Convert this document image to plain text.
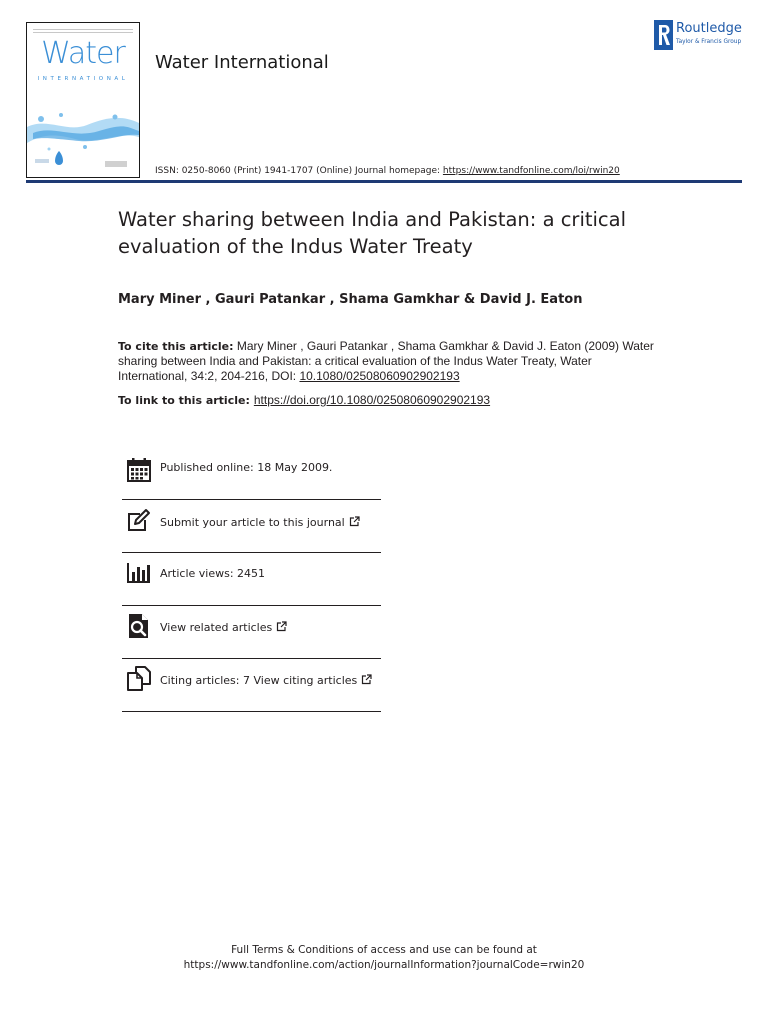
Water
INTERNATIONAL
Water International
Routledge
Taylor & Francis Group
ISSN: 0250-8060 (Print) 1941-1707 (Online) Journal homepage: https://www.tandfonline.com/loi/rwin20
Water sharing between India and Pakistan: a critical evaluation of the Indus Water Treaty
Mary Miner , Gauri Patankar , Shama Gamkhar & David J. Eaton
To cite this article: Mary Miner , Gauri Patankar , Shama Gamkhar & David J. Eaton (2009) Water sharing between India and Pakistan: a critical evaluation of the Indus Water Treaty, Water International, 34:2, 204-216, DOI: 10.1080/02508060902902193
To link to this article: https://doi.org/10.1080/02508060902902193
Published online: 18 May 2009.
Submit your article to this journal
Article views: 2451
View related articles
Citing articles: 7 View citing articles
Full Terms & Conditions of access and use can be found at
https://www.tandfonline.com/action/journalInformation?journalCode=rwin20
